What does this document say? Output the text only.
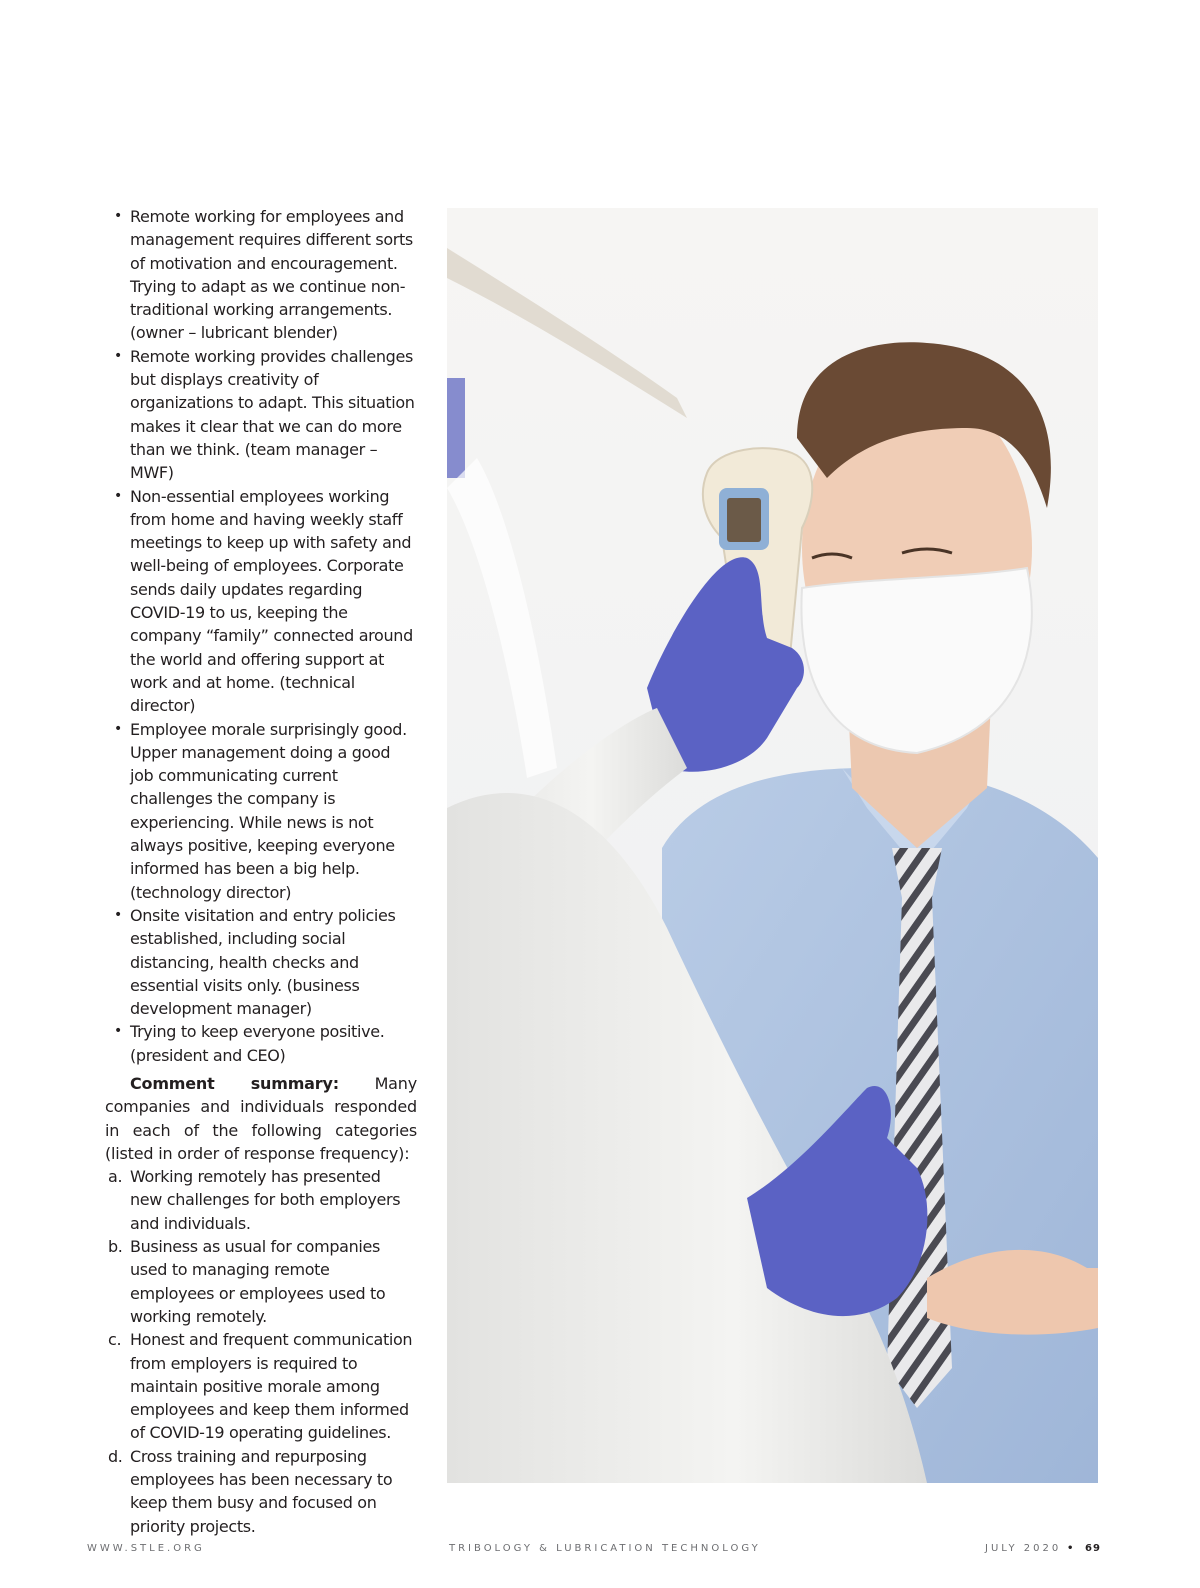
• Remote working for employees and management requires different sorts of motivation and encouragement. Trying to adapt as we continue non-traditional working arrangements. (owner – lubricant blender)
• Remote working provides challenges but displays creativity of organizations to adapt. This situation makes it clear that we can do more than we think. (team manager – MWF)
• Non-essential employees working from home and having weekly staff meetings to keep up with safety and well-being of employees. Corporate sends daily updates regarding COVID-19 to us, keeping the company “family” connected around the world and offering support at work and at home. (technical director)
• Employee morale surprisingly good. Upper management doing a good job communicating current challenges the company is experiencing. While news is not always positive, keeping everyone informed has been a big help. (technology director)
• Onsite visitation and entry policies established, including social distancing, health checks and essential visits only. (business development manager)
• Trying to keep everyone positive. (president and CEO)

Comment summary: Many companies and individuals responded in each of the following categories (listed in order of response frequency):

a. Working remotely has presented new challenges for both employers and individuals.
b. Business as usual for companies used to managing remote employees or employees used to working remotely.
c. Honest and frequent communication from employers is required to maintain positive morale among employees and keep them informed of COVID-19 operating guidelines.
d. Cross training and repurposing employees has been necessary to keep them busy and focused on priority projects.
WWW.STLE.ORG	TRIBOLOGY & LUBRICATION TECHNOLOGY	JULY 2020 • 69
